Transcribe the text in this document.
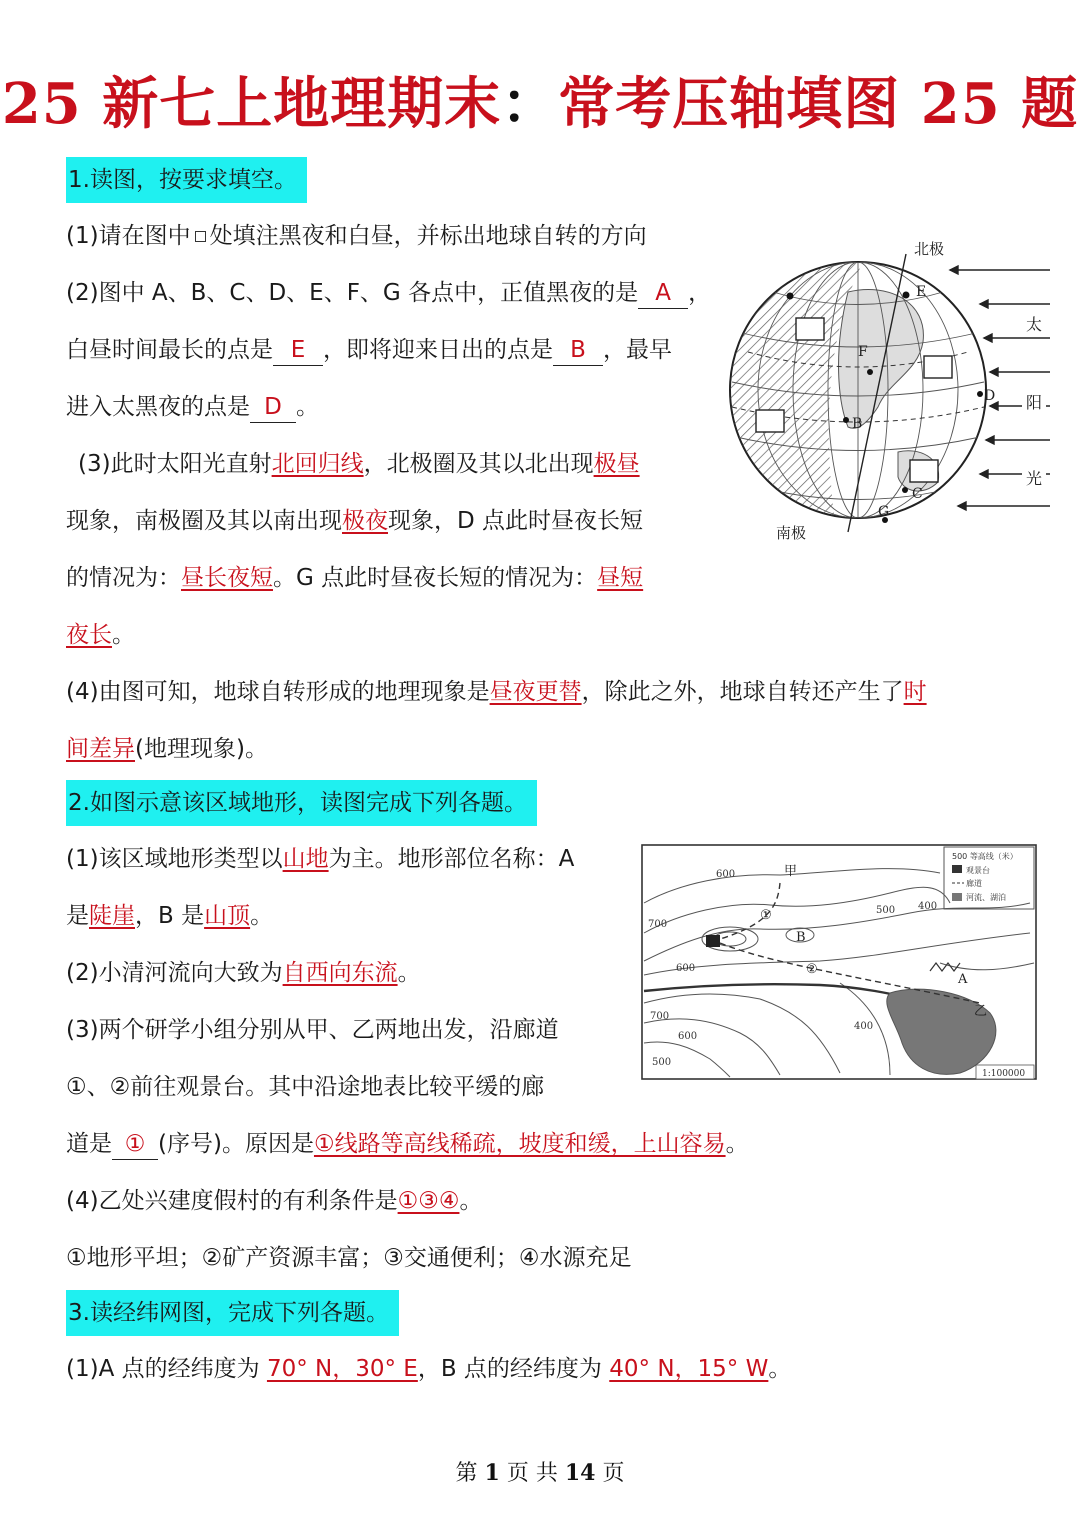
25 新七上地理期末：常考压轴填图 25 题
1.读图，按要求填空。
(1)请在图中 处填注黑夜和白昼，并标出地球自转的方向
(2)图中 A、B、C、D、E、F、G 各点中，正值黑夜的是 A ，
白昼时间最长的点是 E ，即将迎来日出的点是 B ，最早
进入太黑夜的点是 D 。
(3)此时太阳光直射北回归线，北极圈及其以北出现极昼
现象，南极圈及其以南出现极夜现象，D 点此时昼夜长短
的情况为：昼长夜短。G 点此时昼夜长短的情况为：昼短
夜长。
(4)由图可知，地球自转形成的地理现象是昼夜更替，除此之外，地球自转还产生了时
间差异(地理现象)。
F
E
B
D
C
G
北极
南极
太
阳
光
2.如图示意该区域地形，读图完成下列各题。
(1)该区域地形类型以山地为主。地形部位名称：A
是陡崖，B 是山顶。
(2)小清河流向大致为自西向东流。
(3)两个研学小组分别从甲、乙两地出发，沿廊道
①、②前往观景台。其中沿途地表比较平缓的廊
道是 ① (序号)。原因是①线路等高线稀疏，坡度和缓，上山容易。
(4)乙处兴建度假村的有利条件是①③④。
①地形平坦；②矿产资源丰富；③交通便利；④水源充足
500 等高线（米）
观景台
廊道
河流、湖泊
600
700
600
500 400
700
600
500
400
甲
乙
A
B
①
②
1:100000
3.读经纬网图，完成下列各题。
(1)A 点的经纬度为 70° N，30° E，B 点的经纬度为 40° N，15° W。
第 1 页 共 14 页
